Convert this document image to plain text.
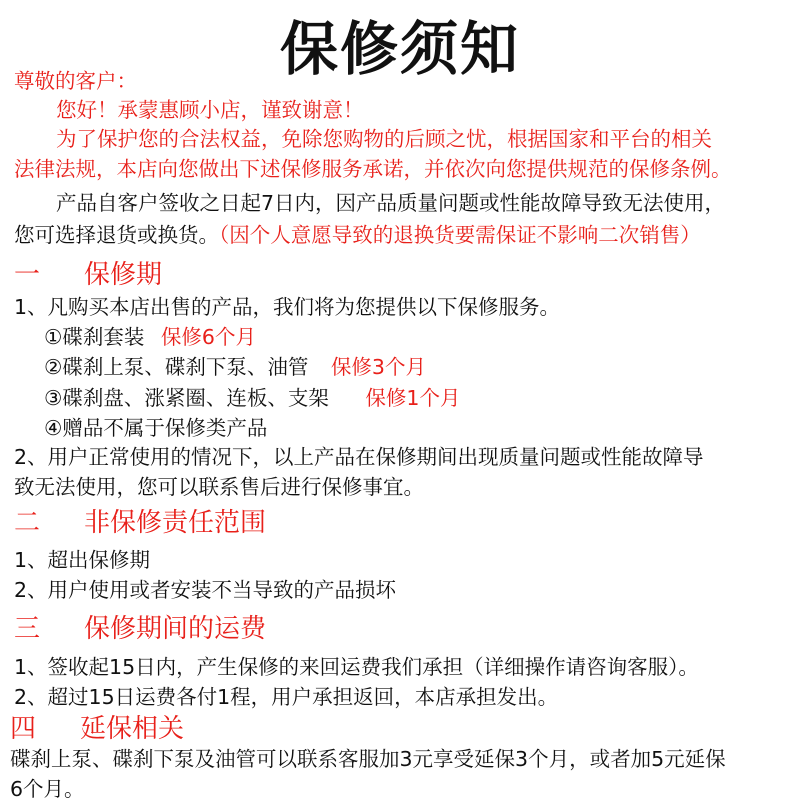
保修须知
尊敬的客户：
您好！承蒙惠顾小店，谨致谢意！
为了保护您的合法权益，免除您购物的后顾之忧，根据国家和平台的相关
法律法规，本店向您做出下述保修服务承诺，并依次向您提供规范的保修条例。
产品自客户签收之日起7日内，因产品质量问题或性能故障导致无法使用，
您可选择退货或换货。（因个人意愿导致的退换货要需保证不影响二次销售）
一 保修期
1、凡购买本店出售的产品，我们将为您提供以下保修服务。
①碟刹套装 保修6个月
②碟刹上泵、碟刹下泵、油管 保修3个月
③碟刹盘、涨紧圈、连板、支架 保修1个月
④赠品不属于保修类产品
2、用户正常使用的情况下，以上产品在保修期间出现质量问题或性能故障导
致无法使用，您可以联系售后进行保修事宜。
二 非保修责任范围
1、超出保修期
2、用户使用或者安装不当导致的产品损坏
三 保修期间的运费
1、签收起15日内，产生保修的来回运费我们承担（详细操作请咨询客服）。
2、超过15日运费各付1程，用户承担返回，本店承担发出。
四 延保相关
碟刹上泵、碟刹下泵及油管可以联系客服加3元享受延保3个月，或者加5元延保
6个月。
